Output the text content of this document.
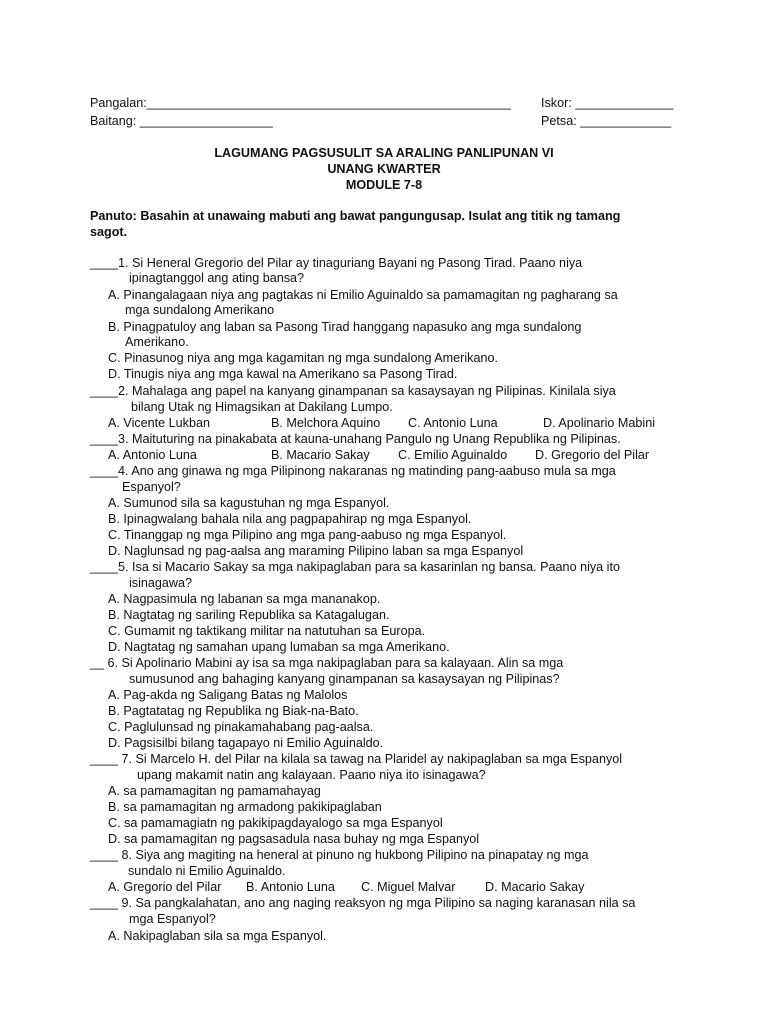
Pangalan:____________________________________________________ Iskor: ______________
Baitang: ___________________	Petsa: _____________
LAGUMANG PAGSUSULIT SA ARALING PANLIPUNAN VI
UNANG KWARTER
MODULE 7-8
Panuto: Basahin at unawaing mabuti ang bawat pangungusap. Isulat ang titik ng tamang
sagot.
____1. Si Heneral Gregorio del Pilar ay tinaguriang Bayani ng Pasong Tirad. Paano niya
ipinagtanggol ang ating bansa?
A. Pinangalagaan niya ang pagtakas ni Emilio Aguinaldo sa pamamagitan ng pagharang sa
mga sundalong Amerikano
B. Pinagpatuloy ang laban sa Pasong Tirad hanggang napasuko ang mga sundalong
Amerikano.
C. Pinasunog niya ang mga kagamitan ng mga sundalong Amerikano.
D. Tinugis niya ang mga kawal na Amerikano sa Pasong Tirad.
____2. Mahalaga ang papel na kanyang ginampanan sa kasaysayan ng Pilipinas. Kinilala siya
bilang Utak ng Himagsikan at Dakilang Lumpo.
A. Vicente Lukban	B. Melchora Aquino C. Antonio Luna	D. Apolinario Mabini
____3. Maituturing na pinakabata at kauna-unahang Pangulo ng Unang Republika ng Pilipinas.
A. Antonio Luna	B. Macario Sakay C. Emilio Aguinaldo D. Gregorio del Pilar
____4. Ano ang ginawa ng mga Pilipinong nakaranas ng matinding pang-aabuso mula sa mga
Espanyol?
A. Sumunod sila sa kagustuhan ng mga Espanyol.
B. Ipinagwalang bahala nila ang pagpapahirap ng mga Espanyol.
C. Tinanggap ng mga Pilipino ang mga pang-aabuso ng mga Espanyol.
D. Naglunsad ng pag-aalsa ang maraming Pilipino laban sa mga Espanyol
____5. Isa si Macario Sakay sa mga nakipaglaban para sa kasarinlan ng bansa. Paano niya ito
isinagawa?
A. Nagpasimula ng labanan sa mga mananakop.
B. Nagtatag ng sariling Republika sa Katagalugan.
C. Gumamit ng taktikang militar na natutuhan sa Europa.
D. Nagtatag ng samahan upang lumaban sa mga Amerikano.
__ 6. Si Apolinario Mabini ay isa sa mga nakipaglaban para sa kalayaan. Alin sa mga
sumusunod ang bahaging kanyang ginampanan sa kasaysayan ng Pilipinas?
A. Pag-akda ng Saligang Batas ng Malolos
B. Pagtatatag ng Republika ng Biak-na-Bato.
C. Paglulunsad ng pinakamahabang pag-aalsa.
D. Pagsisilbi bilang tagapayo ni Emilio Aguinaldo.
____ 7. Si Marcelo H. del Pilar na kilala sa tawag na Plaridel ay nakipaglaban sa mga Espanyol
upang makamit natin ang kalayaan. Paano niya ito isinagawa?
A. sa pamamagitan ng pamamahayag
B. sa pamamagitan ng armadong pakikipaglaban
C. sa pamamagiatn ng pakikipagdayalogo sa mga Espanyol
D. sa pamamagitan ng pagsasadula nasa buhay ng mga Espanyol
____ 8. Siya ang magiting na heneral at pinuno ng hukbong Pilipino na pinapatay ng mga
sundalo ni Emilio Aguinaldo.
A. Gregorio del Pilar B. Antonio Luna C. Miguel Malvar D. Macario Sakay
____ 9. Sa pangkalahatan, ano ang naging reaksyon ng mga Pilipino sa naging karanasan nila sa
mga Espanyol?
A. Nakipaglaban sila sa mga Espanyol.
